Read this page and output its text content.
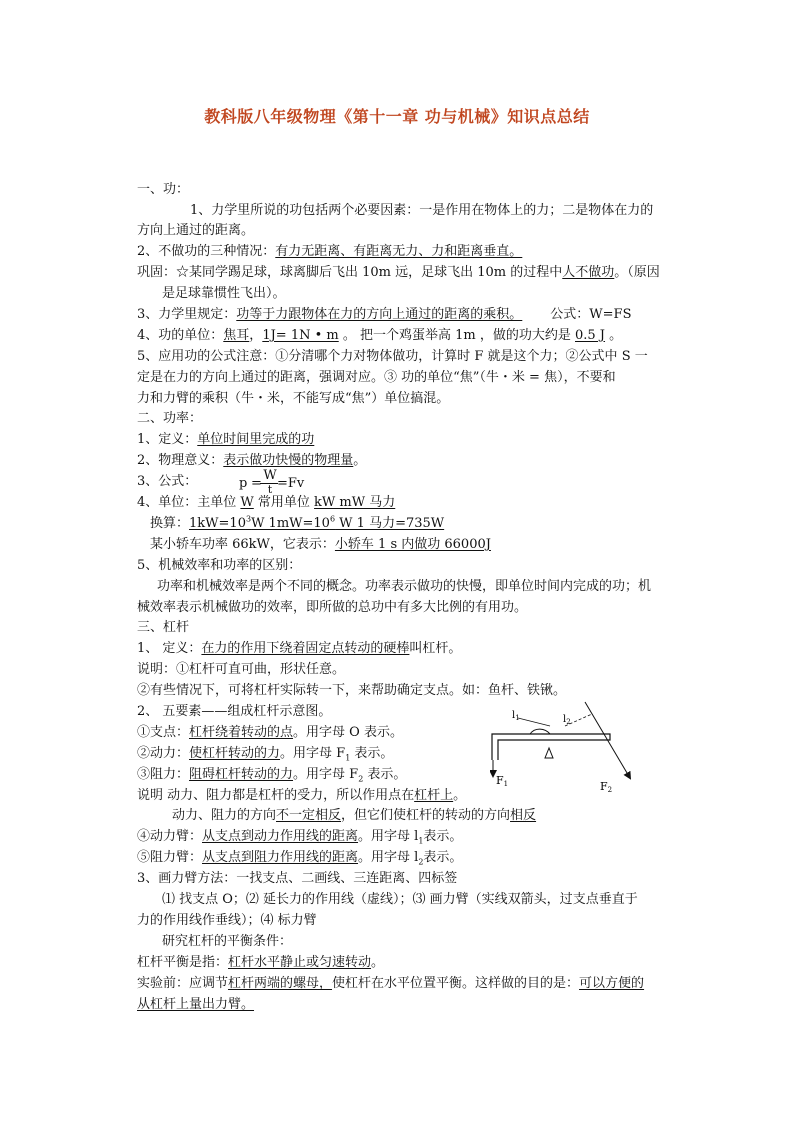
教科版八年级物理《第十一章 功与机械》知识点总结
一、功：
1、力学里所说的功包括两个必要因素：一是作用在物体上的力；二是物体在力的
方向上通过的距离。
2、不做功的三种情况：有力无距离、有距离无力、力和距离垂直。
巩固：☆某同学踢足球，球离脚后飞出 10m 远，足球飞出 10m 的过程中人不做功。（原因
是足球靠惯性飞出）。
3、力学里规定：功等于力跟物体在力的方向上通过的距离的乘积。 公式：W=FS
4、功的单位：焦耳，1J= 1N • m 。 把一个鸡蛋举高 1m ，做的功大约是 0.5 J 。
5、应用功的公式注意：①分清哪个力对物体做功，计算时 F 就是这个力；②公式中 S 一
定是在力的方向上通过的距离，强调对应。③ 功的单位“焦”（牛・米 = 焦），不要和
力和力臂的乘积（牛・米，不能写成“焦”）单位搞混。
二、功率：
1、定义：单位时间里完成的功
2、物理意义：表示做功快慢的物理量。
3、公式：	p =
W
t =Fv
4、单位：主单位 W 常用单位 kW mW 马力
换算：$1kW=10^3W$ $1mW=10^6$ W 1 马力=735W
某小轿车功率 66kW，它表示：小轿车 1 s 内做功 66000J
5、机械效率和功率的区别：
功率和机械效率是两个不同的概念。功率表示做功的快慢，即单位时间内完成的功；机
械效率表示机械做功的效率，即所做的总功中有多大比例的有用功。
三、杠杆
1、 定义：在力的作用下绕着固定点转动的硬棒叫杠杆。
说明：①杠杆可直可曲，形状任意。
②有些情况下，可将杠杆实际转一下，来帮助确定支点。如：鱼杆、铁锹。
2、 五要素——组成杠杆示意图。
①支点：杠杆绕着转动的点。用字母 O 表示。
②动力：使杠杆转动的力。用字母 $F_1$ 表示。
③阻力：阻碍杠杆转动的力。用字母 $F_2$ 表示。
说明 动力、阻力都是杠杆的受力，所以作用点在杠杆上。
动力、阻力的方向不一定相反，但它们使杠杆的转动的方向相反
④动力臂：从支点到动力作用线的距离。用字母 $l_1$表示。
⑤阻力臂：从支点到阻力作用线的距离。用字母 $l_2$表示。
3、画力臂方法：一找支点、二画线、三连距离、四标签
⑴ 找支点 O；⑵ 延长力的作用线（虚线）；⑶ 画力臂（实线双箭头，过支点垂直于
力的作用线作垂线）；⑷ 标力臂
研究杠杆的平衡条件：
杠杆平衡是指：杠杆水平静止或匀速转动。
实验前：应调节杠杆两端的螺母，使杠杆在水平位置平衡。这样做的目的是：可以方便的
从杠杆上量出力臂。
$l_1$	$l_2$
F1	F2
